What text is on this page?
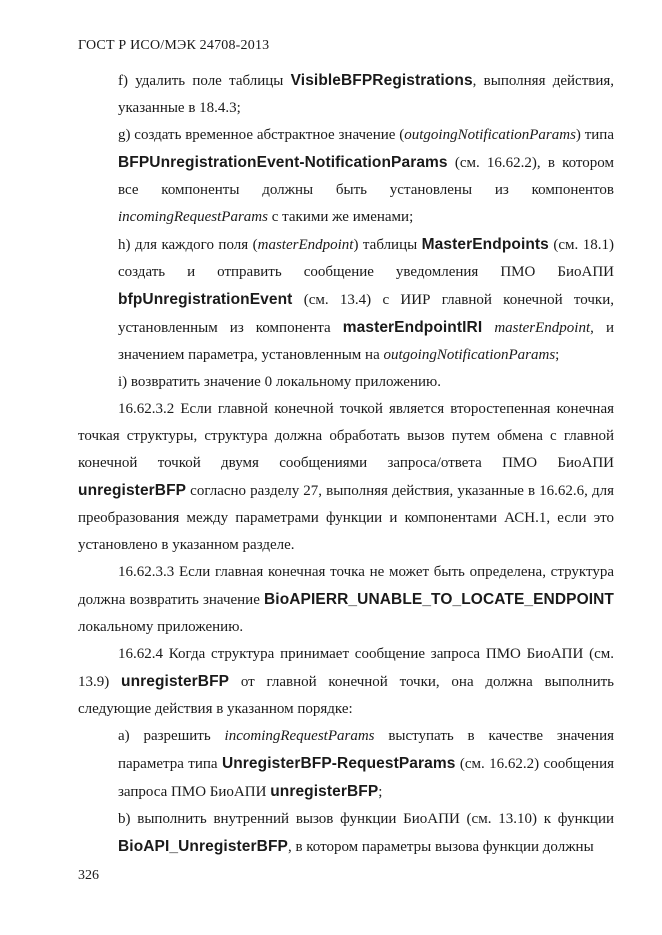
ГОСТ Р ИСО/МЭК 24708-2013

f) удалить поле таблицы VisibleBFPRegistrations, выполняя действия, указанные в 18.4.3;

g) создать временное абстрактное значение (outgoingNotificationParams) типа BFPUnregistrationEvent-NotificationParams (см. 16.62.2), в котором все компоненты должны быть установлены из компонентов incomingRequestParams с такими же именами;

h) для каждого поля (masterEndpoint) таблицы MasterEndpoints (см. 18.1) создать и отправить сообщение уведомления ПМО БиоАПИ bfpUnregistrationEvent (см. 13.4) с ИИР главной конечной точки, установленным из компонента masterEndpointIRI masterEndpoint, и значением параметра, установленным на outgoingNotificationParams;

i) возвратить значение 0 локальному приложению.

16.62.3.2 Если главной конечной точкой является второстепенная конечная точкая структуры, структура должна обработать вызов путем обмена с главной конечной точкой двумя сообщениями запроса/ответа ПМО БиоАПИ unregisterBFP согласно разделу 27, выполняя действия, указанные в 16.62.6, для преобразования между параметрами функции и компонентами АСН.1, если это установлено в указанном разделе.

16.62.3.3 Если главная конечная точка не может быть определена, структура должна возвратить значение BioAPIERR_UNABLE_TO_LOCATE_ENDPOINT локальному приложению.

16.62.4 Когда структура принимает сообщение запроса ПМО БиоАПИ (см. 13.9) unregisterBFP от главной конечной точки, она должна выполнить следующие действия в указанном порядке:

a) разрешить incomingRequestParams выступать в качестве значения параметра типа UnregisterBFP-RequestParams (см. 16.62.2) сообщения запроса ПМО БиоАПИ unregisterBFP;

b) выполнить внутренний вызов функции БиоАПИ (см. 13.10) к функции BioAPI_UnregisterBFP, в котором параметры вызова функции должны

326
